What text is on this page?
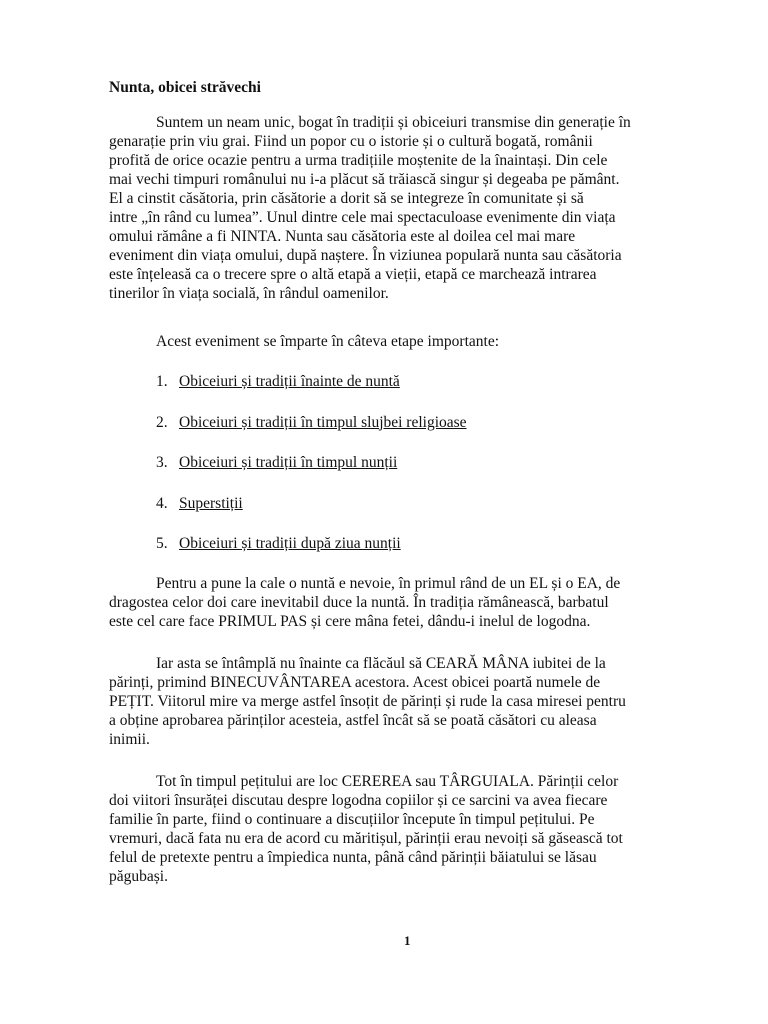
Nunta, obicei străvechi
Suntem un neam unic, bogat în tradiții și obiceiuri transmise din generație în
genarație prin viu grai. Fiind un popor cu o istorie și o cultură bogată, românii
profită de orice ocazie pentru a urma tradițiile moștenite de la înaintași. Din cele
mai vechi timpuri românului nu i-a plăcut să trăiască singur și degeaba pe pământ.
El a cinstit căsătoria, prin căsătorie a dorit să se integreze în comunitate și să
intre „în rând cu lumea”. Unul dintre cele mai spectaculoase evenimente din viața
omului rămâne a fi NINTA. Nunta sau căsătoria este al doilea cel mai mare
eveniment din viața omului, după naștere. În viziunea populară nunta sau căsătoria
este înțeleasă ca o trecere spre o altă etapă a vieții, etapă ce marchează intrarea
tinerilor în viața socială, în rândul oamenilor.
Acest eveniment se împarte în câteva etape importante:
1. Obiceiuri și tradiții înainte de nuntă
2. Obiceiuri și tradiții în timpul slujbei religioase
3. Obiceiuri și tradiții în timpul nunții
4. Superstiții
5. Obiceiuri și tradiții după ziua nunții
Pentru a pune la cale o nuntă e nevoie, în primul rând de un EL și o EA, de
dragostea celor doi care inevitabil duce la nuntă. În tradiția rămânească, barbatul
este cel care face PRIMUL PAS și cere mâna fetei, dându-i inelul de logodna.
Iar asta se întâmplă nu înainte ca flăcăul să CEARĂ MÂNA iubitei de la
părinți, primind BINECUVÂNTAREA acestora. Acest obicei poartă numele de
PEȚIT. Viitorul mire va merge astfel însoțit de părinți și rude la casa miresei pentru
a obține aprobarea părinților acesteia, astfel încât să se poată căsători cu aleasa
inimii.
Tot în timpul pețitului are loc CEREREA sau TÂRGUIALA. Părinții celor
doi viitori însurăței discutau despre logodna copiilor și ce sarcini va avea fiecare
familie în parte, fiind o continuare a discuțiilor începute în timpul pețitului. Pe
vremuri, dacă fata nu era de acord cu măritișul, părinții erau nevoiți să găsească tot
felul de pretexte pentru a împiedica nunta, până când părinții băiatului se lăsau
păgubași.
1
